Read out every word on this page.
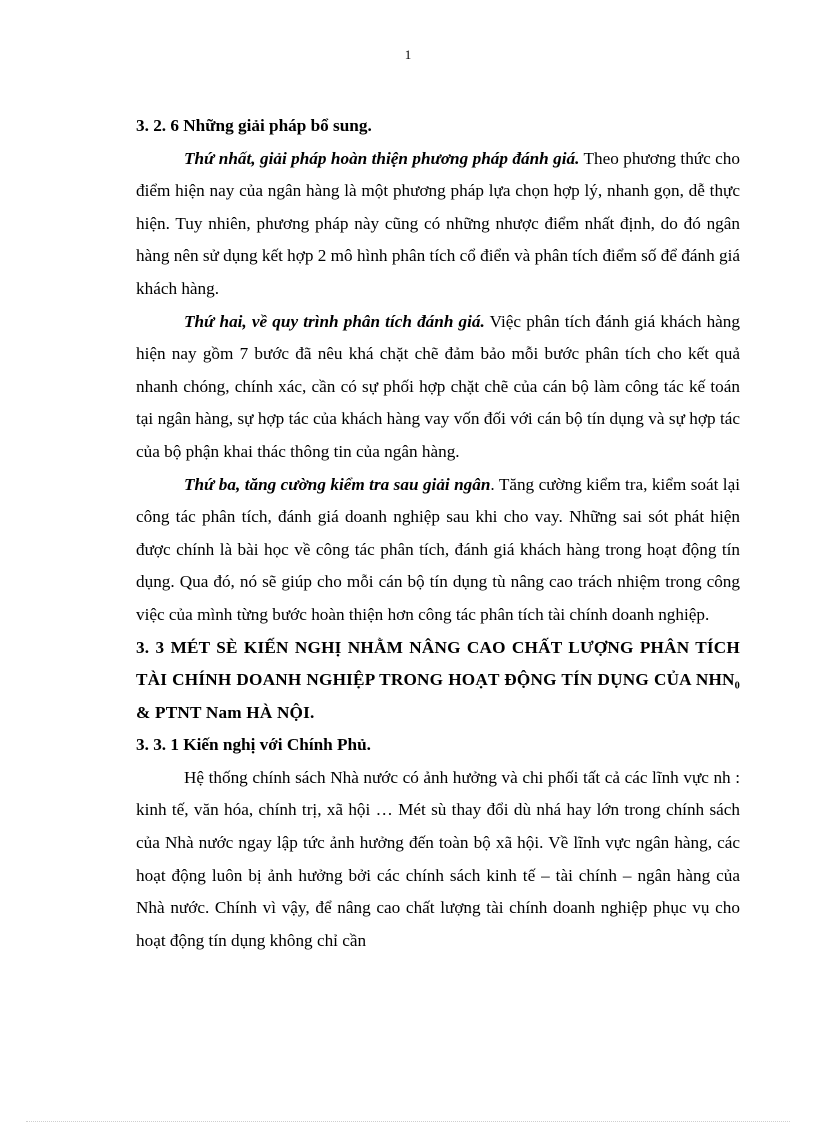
1

3. 2. 6 Những giải pháp bổ sung.

Thứ nhất, giải pháp hoàn thiện phương pháp đánh giá. Theo phương thức cho điểm hiện nay của ngân hàng là một phương pháp lựa chọn hợp lý, nhanh gọn, dễ thực hiện. Tuy nhiên, phương pháp này cũng có những nhược điểm nhất định, do đó ngân hàng nên sử dụng kết hợp 2 mô hình phân tích cổ điển và phân tích điểm số để đánh giá khách hàng.

Thứ hai, về quy trình phân tích đánh giá. Việc phân tích đánh giá khách hàng hiện nay gồm 7 bước đã nêu khá chặt chẽ đảm bảo mỗi bước phân tích cho kết quả nhanh chóng, chính xác, cần có sự phối hợp chặt chẽ của cán bộ làm công tác kế toán tại ngân hàng, sự hợp tác của khách hàng vay vốn đối với cán bộ tín dụng và sự hợp tác của bộ phận khai thác thông tin của ngân hàng.

Thứ ba, tăng cường kiểm tra sau giải ngân. Tăng cường kiểm tra, kiểm soát lại công tác phân tích, đánh giá doanh nghiệp sau khi cho vay. Những sai sót phát hiện được chính là bài học về công tác phân tích, đánh giá khách hàng trong hoạt động tín dụng. Qua đó, nó sẽ giúp cho mỗi cán bộ tín dụng tù nâng cao trách nhiệm trong công việc của mình từng bước hoàn thiện hơn công tác phân tích tài chính doanh nghiệp.

3. 3 MÉT SÈ KIẾN NGHỊ NHẰM NÂNG CAO CHẤT LƯỢNG PHÂN TÍCH TÀI CHÍNH DOANH NGHIỆP TRONG HOẠT ĐỘNG TÍN DỤNG CỦA NHN₀ & PTNT Nam HÀ NỘI.

3. 3. 1 Kiến nghị với Chính Phủ.

Hệ thống chính sách Nhà nước có ảnh hưởng và chi phối tất cả các lĩnh vực nh : kinh tế, văn hóa, chính trị, xã hội … Mét sù thay đổi dù nhá hay lớn trong chính sách của Nhà nước ngay lập tức ảnh hưởng đến toàn bộ xã hội. Về lĩnh vực ngân hàng, các hoạt động luôn bị ảnh hưởng bởi các chính sách kinh tế – tài chính – ngân hàng của Nhà nước. Chính vì vậy, để nâng cao chất lượng tài chính doanh nghiệp phục vụ cho hoạt động tín dụng không chỉ cần
